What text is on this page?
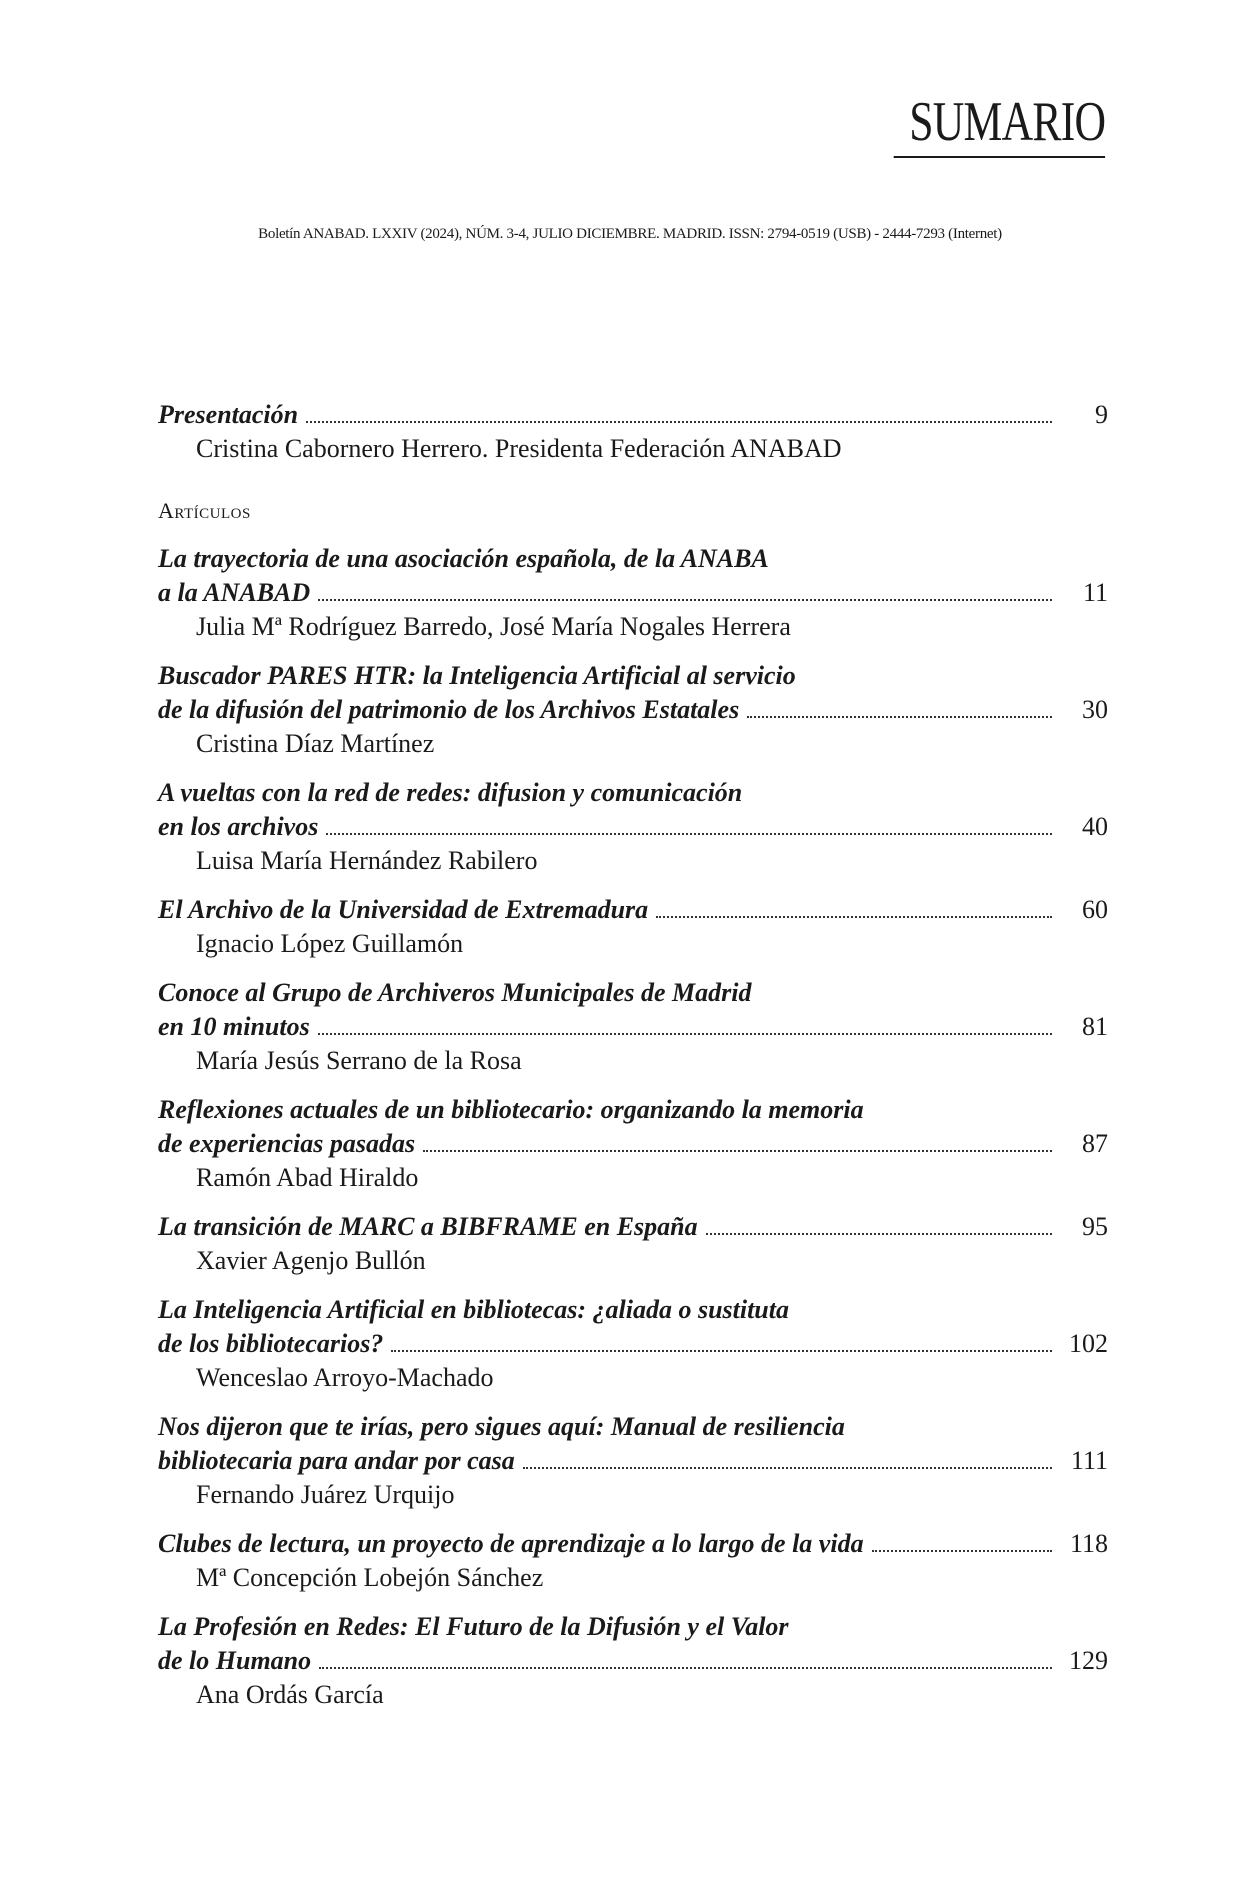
SUMARIO
Boletín ANABAD. LXXIV (2024), NÚM. 3-4, JULIO DICIEMBRE. MADRID. ISSN: 2794-0519 (USB) - 2444-7293 (Internet)
Presentación	9
Cristina Cabornero Herrero. Presidenta Federación ANABAD
Artículos
La trayectoria de una asociación española, de la ANABA
a la ANABAD	11
Julia Mª Rodríguez Barredo, José María Nogales Herrera
Buscador PARES HTR: la Inteligencia Artificial al servicio
de la difusión del patrimonio de los Archivos Estatales	30
Cristina Díaz Martínez
A vueltas con la red de redes: difusion y comunicación
en los archivos	40
Luisa María Hernández Rabilero
El Archivo de la Universidad de Extremadura	60
Ignacio López Guillamón
Conoce al Grupo de Archiveros Municipales de Madrid
en 10 minutos	81
María Jesús Serrano de la Rosa
Reflexiones actuales de un bibliotecario: organizando la memoria
de experiencias pasadas	87
Ramón Abad Hiraldo
La transición de MARC a BIBFRAME en España	95
Xavier Agenjo Bullón
La Inteligencia Artificial en bibliotecas: ¿aliada o sustituta
de los bibliotecarios?	102
Wenceslao Arroyo-Machado
Nos dijeron que te irías, pero sigues aquí: Manual de resiliencia
bibliotecaria para andar por casa	111
Fernando Juárez Urquijo
Clubes de lectura, un proyecto de aprendizaje a lo largo de la vida	118
Mª Concepción Lobejón Sánchez
La Profesión en Redes: El Futuro de la Difusión y el Valor
de lo Humano	129
Ana Ordás García
